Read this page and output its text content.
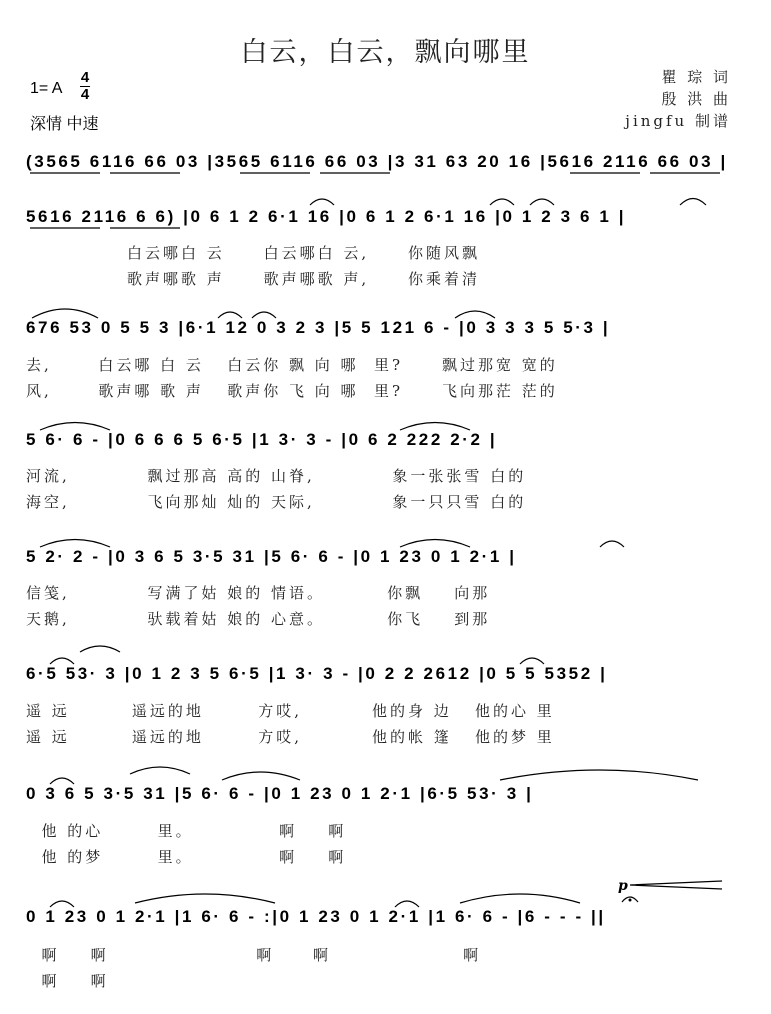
白云，白云，飘向哪里
1= A
4
4
深情 中速
瞿 琮 词
殷 洪 曲
jingfu 制谱
(3565 6116 66 03 |3565 6116 66 03 |3 31 63 20 16 |5616 2116 66 03 |
5616 2116 6 6) |0 6 1 2 6·1 16 |0 6 1 2 6·1 16 |0 1 2 3 6 1 |
白云哪白 云     白云哪白 云,     你随风飘
歌声哪歌 声     歌声哪歌 声,     你乘着清
676 53 0 5 5 3 |6·1 12 0 3 2 3 |5 5 121 6 - |0 3 3 3 5 5·3 |
去,      白云哪 白 云   白云你 飘 向 哪  里?     飘过那宽 宽的
风,      歌声哪 歌 声   歌声你 飞 向 哪  里?     飞向那茫 茫的
5 6· 6 - |0 6 6 6 5 6·5 |1 3· 3 - |0 6 2 222 2·2 |
河流,          飘过那高 高的 山脊,          象一张张雪 白的
海空,          飞向那灿 灿的 天际,          象一只只雪 白的
5 2· 2 - |0 3 6 5 3·5 31 |5 6· 6 - |0 1 23 0 1 2·1 |
信笺,          写满了姑 娘的 情语。        你飘    向那
天鹅,          驮载着姑 娘的 心意。        你飞    到那
6·5 53· 3 |0 1 2 3 5 6·5 |1 3· 3 - |0 2 2 2612 |0 5 5 5352 |
遥 远        遥远的地       方哎,         他的身 边   他的心 里
遥 远        遥远的地       方哎,         他的帐 篷   他的梦 里
0 3 6 5 3·5 31 |5 6· 6 - |0 1 23 0 1 2·1 |6·5 53· 3 |
他 的心       里。           啊    啊
他 的梦       里。           啊    啊
p
0 1 23 0 1 2·1 |1 6· 6 - :|0 1 23 0 1 2·1 |1 6· 6 - |6 - - - ||
啊    啊                   啊     啊                 啊
啊    啊
